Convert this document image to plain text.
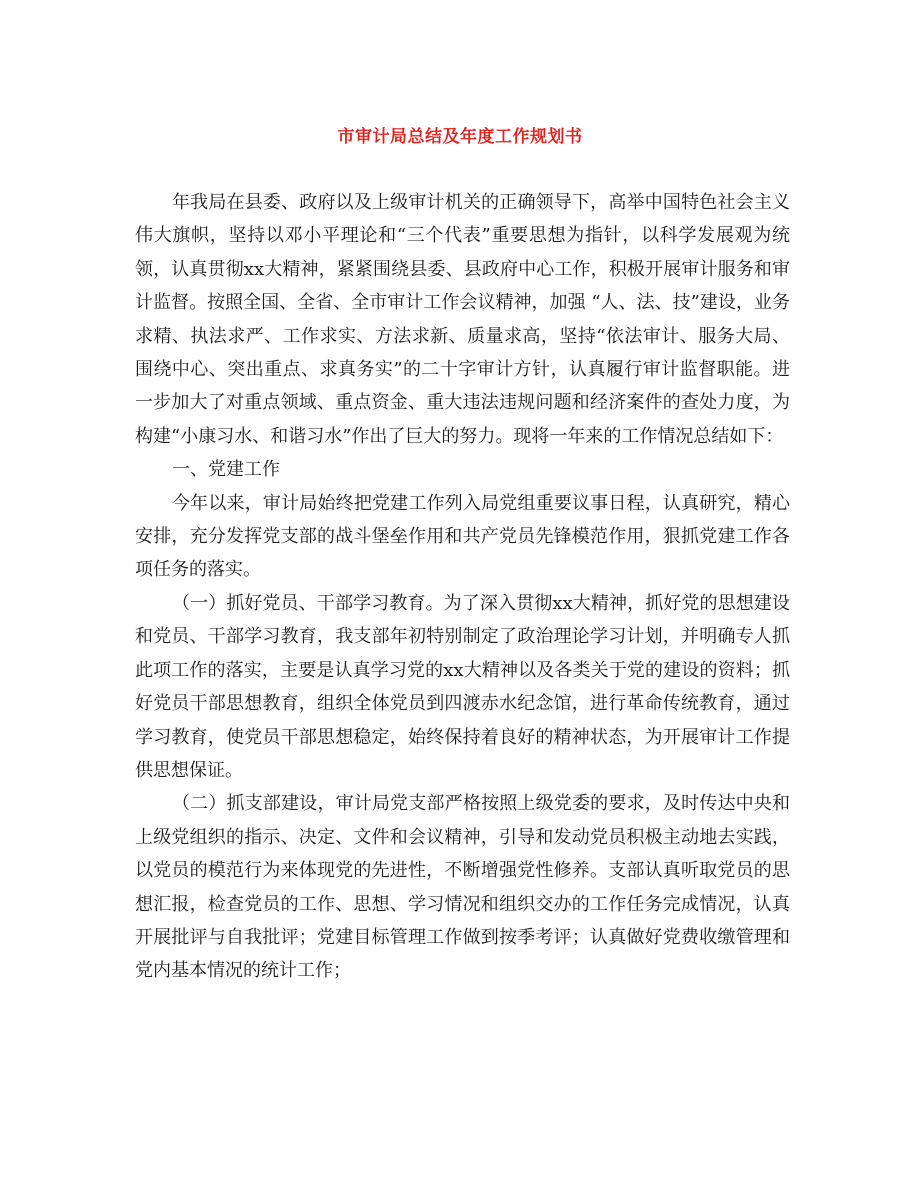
市审计局总结及年度工作规划书

年我局在县委、政府以及上级审计机关的正确领导下，高举中国特色社会主义伟大旗帜，坚持以邓小平理论和“三个代表”重要思想为指针，以科学发展观为统领，认真贯彻xx大精神，紧紧围绕县委、县政府中心工作，积极开展审计服务和审计监督。按照全国、全省、全市审计工作会议精神，加强 “人、法、技”建设，业务求精、执法求严、工作求实、方法求新、质量求高，坚持“依法审计、服务大局、围绕中心、突出重点、求真务实”的二十字审计方针，认真履行审计监督职能。进一步加大了对重点领域、重点资金、重大违法违规问题和经济案件的查处力度，为构建“小康习水、和谐习水”作出了巨大的努力。现将一年来的工作情况总结如下：

一、党建工作

今年以来，审计局始终把党建工作列入局党组重要议事日程，认真研究，精心安排，充分发挥党支部的战斗堡垒作用和共产党员先锋模范作用，狠抓党建工作各项任务的落实。

（一）抓好党员、干部学习教育。为了深入贯彻xx大精神，抓好党的思想建设和党员、干部学习教育，我支部年初特别制定了政治理论学习计划，并明确专人抓此项工作的落实，主要是认真学习党的xx大精神以及各类关于党的建设的资料；抓好党员干部思想教育，组织全体党员到四渡赤水纪念馆，进行革命传统教育，通过学习教育，使党员干部思想稳定，始终保持着良好的精神状态，为开展审计工作提供思想保证。

（二）抓支部建设，审计局党支部严格按照上级党委的要求，及时传达中央和上级党组织的指示、决定、文件和会议精神，引导和发动党员积极主动地去实践，以党员的模范行为来体现党的先进性，不断增强党性修养。支部认真听取党员的思想汇报，检查党员的工作、思想、学习情况和组织交办的工作任务完成情况，认真开展批评与自我批评；党建目标管理工作做到按季考评；认真做好党费收缴管理和党内基本情况的统计工作；
